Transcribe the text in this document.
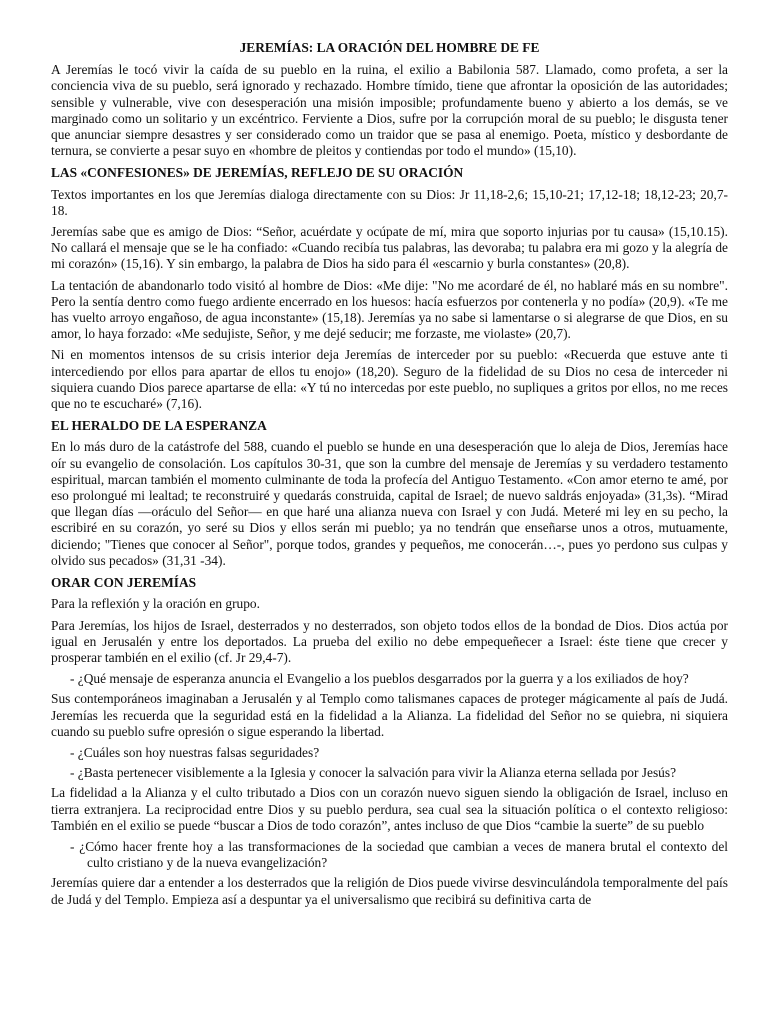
JEREMÍAS: LA ORACIÓN DEL HOMBRE DE FE

A Jeremías le tocó vivir la caída de su pueblo en la ruina, el exilio a Babilonia 587. Llamado, como profeta, a ser la conciencia viva de su pueblo, será ignorado y rechazado. Hombre tímido, tiene que afrontar la oposición de las autoridades; sensible y vulnerable, vive con desesperación una misión imposible; profundamente bueno y abierto a los demás, se ve marginado como un solitario y un excéntrico. Ferviente a Dios, sufre por la corrupción moral de su pueblo; le disgusta tener que anunciar siempre desastres y ser considerado como un traidor que se pasa al enemigo. Poeta, místico y desbordante de ternura, se convierte a pesar suyo en «hombre de pleitos y contiendas por todo el mundo» (15,10).

LAS «CONFESIONES» DE JEREMÍAS, REFLEJO DE SU ORACIÓN

Textos importantes en los que Jeremías dialoga directamente con su Dios: Jr 11,18-2,6; 15,10-21; 17,12-18; 18,12-23; 20,7-18.

Jeremías sabe que es amigo de Dios: “Señor, acuérdate y ocúpate de mí, mira que soporto injurias por tu causa» (15,10.15). No callará el mensaje que se le ha confiado: «Cuando recibía tus palabras, las devoraba; tu palabra era mi gozo y la alegría de mi corazón» (15,16). Y sin embargo, la palabra de Dios ha sido para él «escarnio y burla constantes» (20,8).

La tentación de abandonarlo todo visitó al hombre de Dios: «Me dije: "No me acordaré de él, no hablaré más en su nombre". Pero la sentía dentro como fuego ardiente encerrado en los huesos: hacía esfuerzos por contenerla y no podía» (20,9). «Te me has vuelto arroyo engañoso, de agua inconstante» (15,18). Jeremías ya no sabe si lamentarse o si alegrarse de que Dios, en su amor, lo haya forzado: «Me sedujiste, Señor, y me dejé seducir; me forzaste, me violaste» (20,7).

Ni en momentos intensos de su crisis interior deja Jeremías de interceder por su pueblo: «Recuerda que estuve ante ti intercediendo por ellos para apartar de ellos tu enojo» (18,20). Seguro de la fidelidad de su Dios no cesa de interceder ni siquiera cuando Dios parece apartarse de ella: «Y tú no intercedas por este pueblo, no supliques a gritos por ellos, no me reces que no te escucharé» (7,16).

EL HERALDO DE LA ESPERANZA

En lo más duro de la catástrofe del 588, cuando el pueblo se hunde en una desesperación que lo aleja de Dios, Jeremías hace oír su evangelio de consolación. Los capítulos 30-31, que son la cumbre del mensaje de Jeremías y su verdadero testamento espiritual, marcan también el momento culminante de toda la profecía del Antiguo Testamento. «Con amor eterno te amé, por eso prolongué mi lealtad; te reconstruiré y quedarás construida, capital de Israel; de nuevo saldrás enjoyada» (31,3s). “Mirad que llegan días —oráculo del Señor— en que haré una alianza nueva con Israel y con Judá. Meteré mi ley en su pecho, la escribiré en su corazón, yo seré su Dios y ellos serán mi pueblo; ya no tendrán que enseñarse unos a otros, mutuamente, diciendo; "Tienes que conocer al Señor", porque todos, grandes y pequeños, me conocerán…-, pues yo perdono sus culpas y olvido sus pecados» (31,31 -34).

ORAR CON JEREMÍAS

Para la reflexión y la oración en grupo.

Para Jeremías, los hijos de Israel, desterrados y no desterrados, son objeto todos ellos de la bondad de Dios. Dios actúa por igual en Jerusalén y entre los deportados. La prueba del exilio no debe empequeñecer a Israel: éste tiene que crecer y prosperar también en el exilio (cf. Jr 29,4-7).

- ¿Qué mensaje de esperanza anuncia el Evangelio a los pueblos desgarrados por la guerra y a los exiliados de hoy?

Sus contemporáneos imaginaban a Jerusalén y al Templo como talismanes capaces de proteger mágicamente al país de Judá. Jeremías les recuerda que la seguridad está en la fidelidad a la Alianza. La fidelidad del Señor no se quiebra, ni siquiera cuando su pueblo sufre opresión o sigue esperando la libertad.

- ¿Cuáles son hoy nuestras falsas seguridades?
- ¿Basta pertenecer visiblemente a la Iglesia y conocer la salvación para vivir la Alianza eterna sellada por Jesús?

La fidelidad a la Alianza y el culto tributado a Dios con un corazón nuevo siguen siendo la obligación de Israel, incluso en tierra extranjera. La reciprocidad entre Dios y su pueblo perdura, sea cual sea la situación política o el contexto religioso: También en el exilio se puede “buscar a Dios de todo corazón”, antes incluso de que Dios “cambie la suerte” de su pueblo

- ¿Cómo hacer frente hoy a las transformaciones de la sociedad que cambian a veces de manera brutal el contexto del culto cristiano y de la nueva evangelización?

Jeremías quiere dar a entender a los desterrados que la religión de Dios puede vivirse desvinculándola temporalmente del país de Judá y del Templo. Empieza así a despuntar ya el universalismo que recibirá su definitiva carta de
